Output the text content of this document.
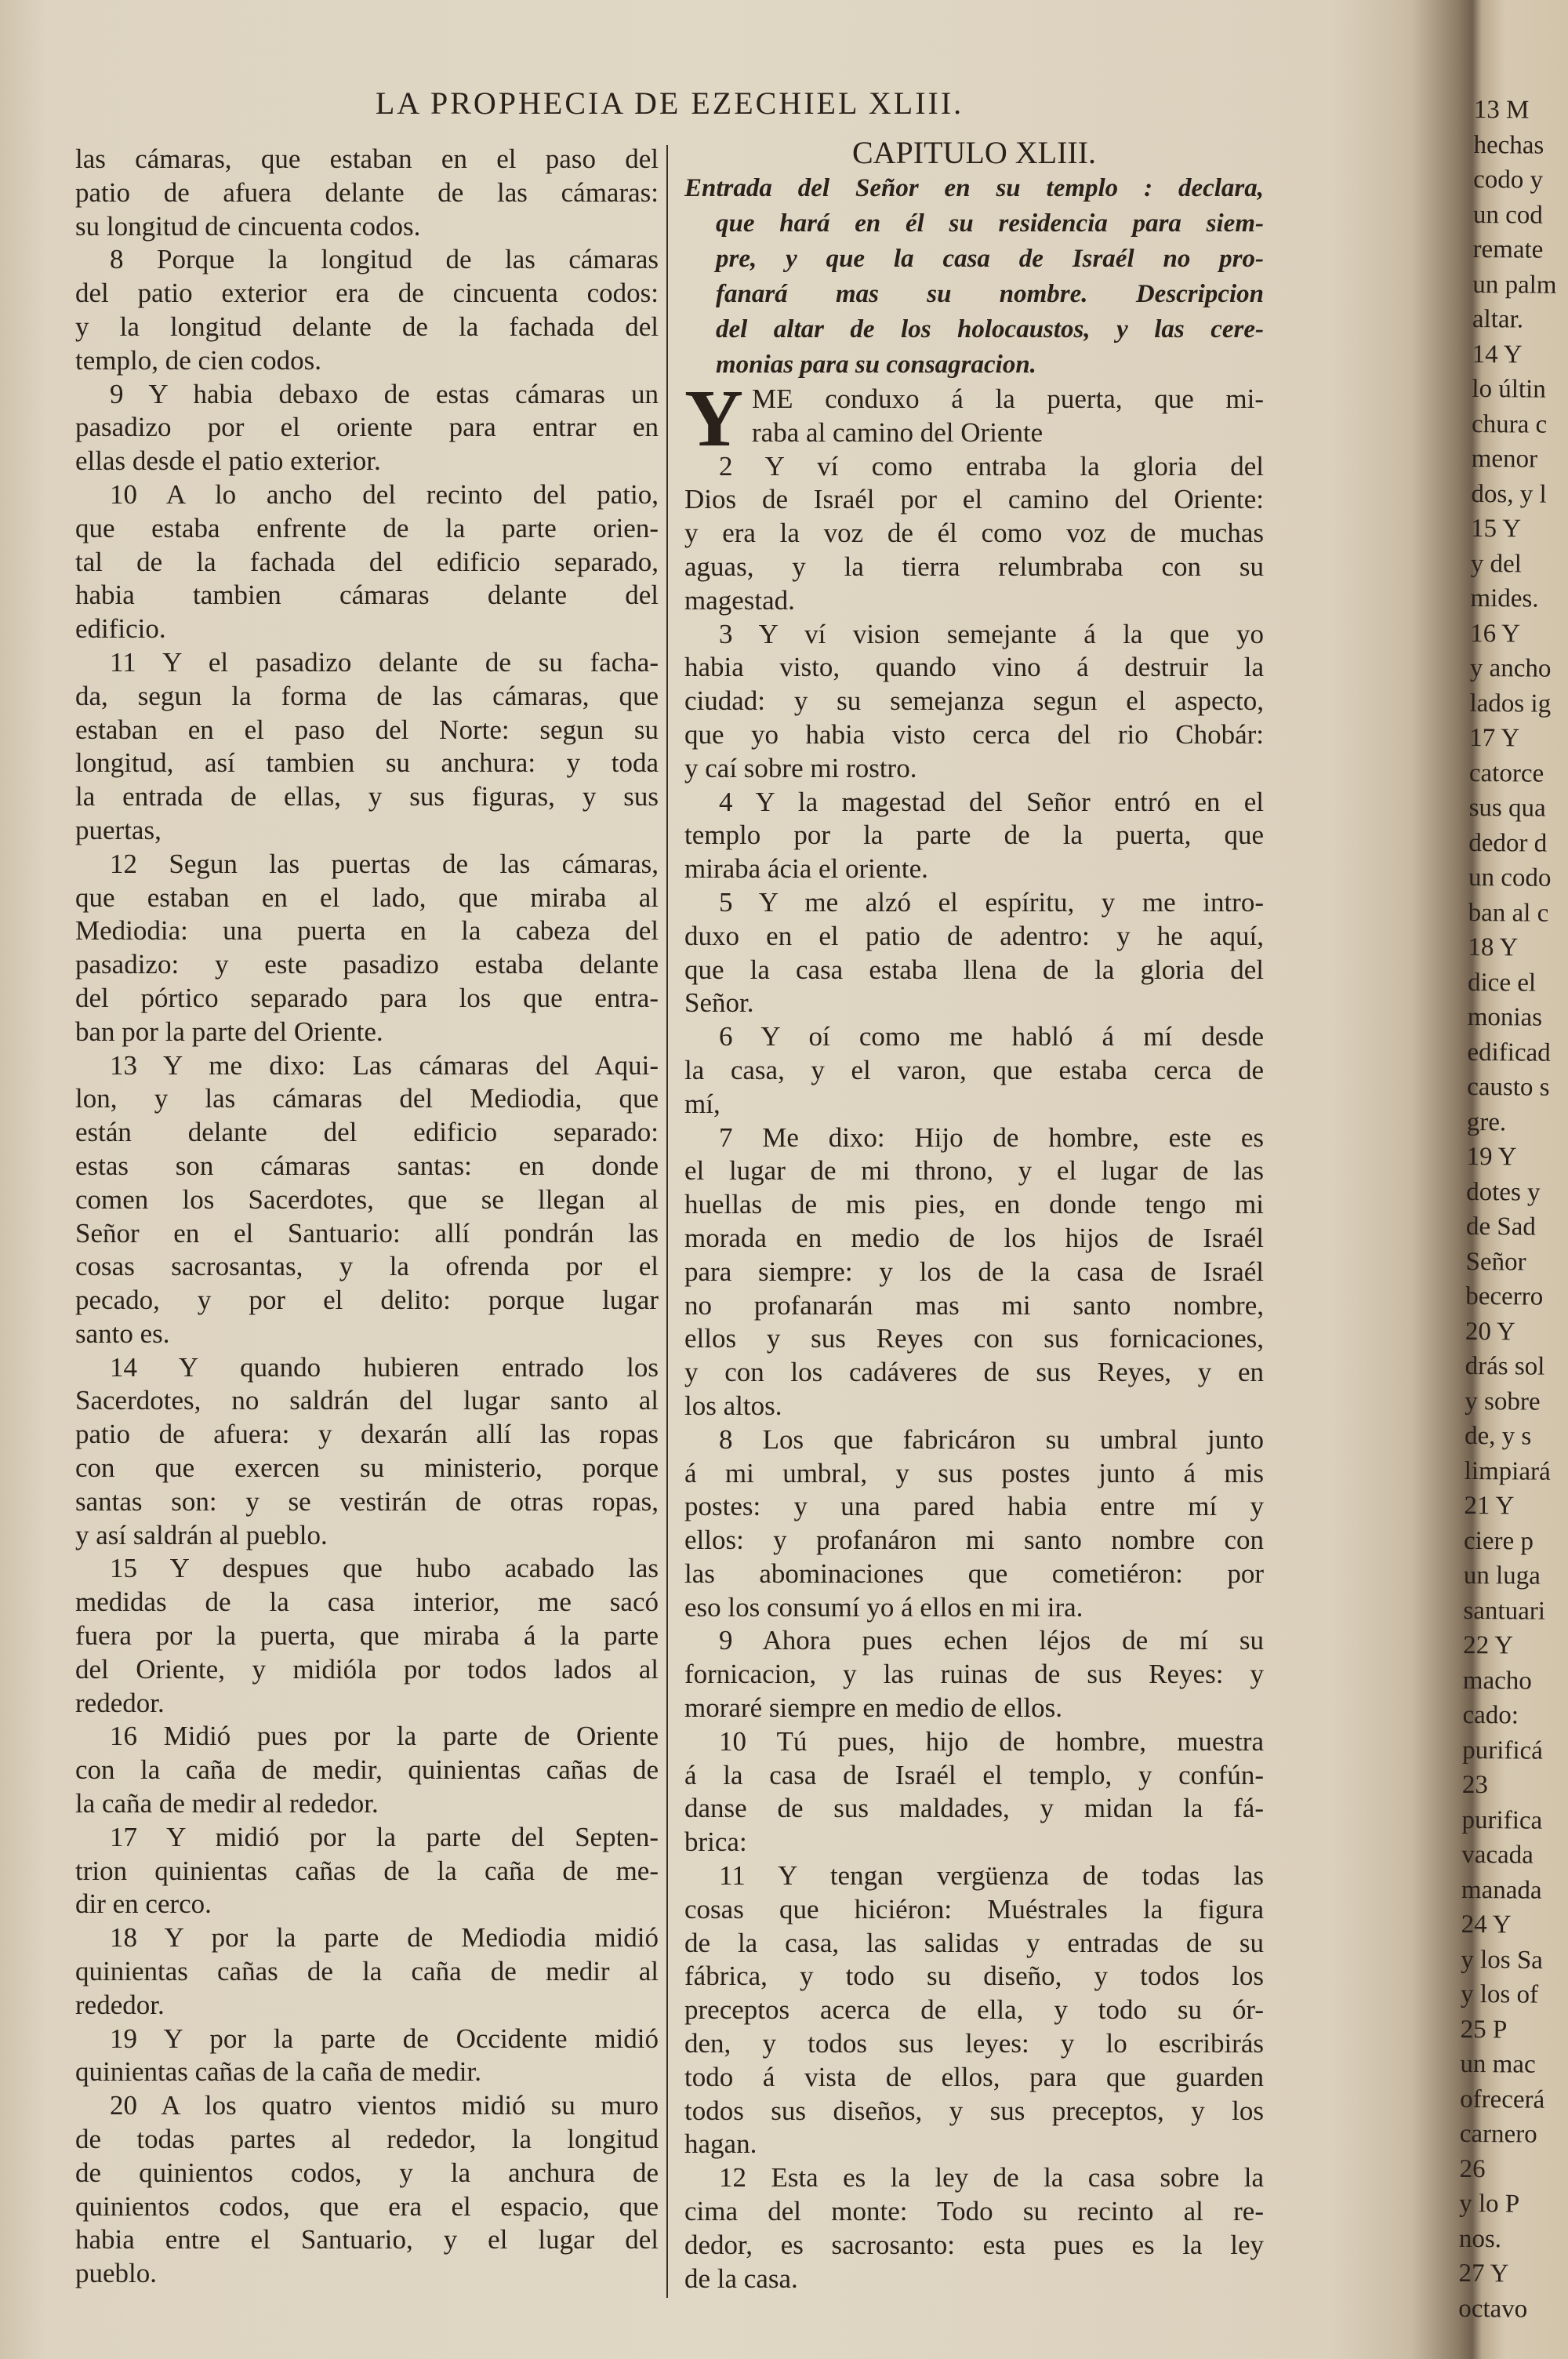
LA PROPHECIA DE EZECHIEL XLIII.
las cámaras, que estaban en el paso del
patio de afuera delante de las cámaras:
su longitud de cincuenta codos.
8 Porque la longitud de las cámaras
del patio exterior era de cincuenta codos:
y la longitud delante de la fachada del
templo, de cien codos.
9 Y habia debaxo de estas cámaras un
pasadizo por el oriente para entrar en
ellas desde el patio exterior.
10 A lo ancho del recinto del patio,
que estaba enfrente de la parte orien-
tal de la fachada del edificio separado,
habia tambien cámaras delante del
edificio.
11 Y el pasadizo delante de su facha-
da, segun la forma de las cámaras, que
estaban en el paso del Norte: segun su
longitud, así tambien su anchura: y toda
la entrada de ellas, y sus figuras, y sus
puertas,
12 Segun las puertas de las cámaras,
que estaban en el lado, que miraba al
Mediodia: una puerta en la cabeza del
pasadizo: y este pasadizo estaba delante
del pórtico separado para los que entra-
ban por la parte del Oriente.
13 Y me dixo: Las cámaras del Aqui-
lon, y las cámaras del Mediodia, que
están delante del edificio separado:
estas son cámaras santas: en donde
comen los Sacerdotes, que se llegan al
Señor en el Santuario: allí pondrán las
cosas sacrosantas, y la ofrenda por el
pecado, y por el delito: porque lugar
santo es.
14 Y quando hubieren entrado los
Sacerdotes, no saldrán del lugar santo al
patio de afuera: y dexarán allí las ropas
con que exercen su ministerio, porque
santas son: y se vestirán de otras ropas,
y así saldrán al pueblo.
15 Y despues que hubo acabado las
medidas de la casa interior, me sacó
fuera por la puerta, que miraba á la parte
del Oriente, y midióla por todos lados al
rededor.
16 Midió pues por la parte de Oriente
con la caña de medir, quinientas cañas de
la caña de medir al rededor.
17 Y midió por la parte del Septen-
trion quinientas cañas de la caña de me-
dir en cerco.
18 Y por la parte de Mediodia midió
quinientas cañas de la caña de medir al
rededor.
19 Y por la parte de Occidente midió
quinientas cañas de la caña de medir.
20 A los quatro vientos midió su muro
de todas partes al rededor, la longitud
de quinientos codos, y la anchura de
quinientos codos, que era el espacio, que
habia entre el Santuario, y el lugar del
pueblo.
CAPITULO XLIII.
Entrada del Señor en su templo : declara,
que hará en él su residencia para siem-
pre, y que la casa de Israél no pro-
fanará mas su nombre. Descripcion
del altar de los holocaustos, y las cere-
monias para su consagracion.
Y ME conduxo á la puerta, que mi-
raba al camino del Oriente
2 Y ví como entraba la gloria del
Dios de Israél por el camino del Oriente:
y era la voz de él como voz de muchas
aguas, y la tierra relumbraba con su
magestad.
3 Y ví vision semejante á la que yo
habia visto, quando vino á destruir la
ciudad: y su semejanza segun el aspecto,
que yo habia visto cerca del rio Chobár:
y caí sobre mi rostro.
4 Y la magestad del Señor entró en el
templo por la parte de la puerta, que
miraba ácia el oriente.
5 Y me alzó el espíritu, y me intro-
duxo en el patio de adentro: y he aquí,
que la casa estaba llena de la gloria del
Señor.
6 Y oí como me habló á mí desde
la casa, y el varon, que estaba cerca de
mí,
7 Me dixo: Hijo de hombre, este es
el lugar de mi throno, y el lugar de las
huellas de mis pies, en donde tengo mi
morada en medio de los hijos de Israél
para siempre: y los de la casa de Israél
no profanarán mas mi santo nombre,
ellos y sus Reyes con sus fornicaciones,
y con los cadáveres de sus Reyes, y en
los altos.
8 Los que fabricáron su umbral junto
á mi umbral, y sus postes junto á mis
postes: y una pared habia entre mí y
ellos: y profanáron mi santo nombre con
las abominaciones que cometiéron: por
eso los consumí yo á ellos en mi ira.
9 Ahora pues echen léjos de mí su
fornicacion, y las ruinas de sus Reyes: y
moraré siempre en medio de ellos.
10 Tú pues, hijo de hombre, muestra
á la casa de Israél el templo, y confún-
danse de sus maldades, y midan la fá-
brica:
11 Y tengan vergüenza de todas las
cosas que hiciéron: Muéstrales la figura
de la casa, las salidas y entradas de su
fábrica, y todo su diseño, y todos los
preceptos acerca de ella, y todo su ór-
den, y todos sus leyes: y lo escribirás
todo á vista de ellos, para que guarden
todos sus diseños, y sus preceptos, y los
hagan.
12 Esta es la ley de la casa sobre la
cima del monte: Todo su recinto al re-
dedor, es sacrosanto: esta pues es la ley
de la casa.
13 M
hechas
codo y
un cod
remate
un palm
altar.
14 Y
lo últin
chura c
menor
dos, y l
15 Y
y del
mides.
16 Y
y ancho
lados ig
17 Y
catorce
sus qua
dedor d
un codo
ban al c
18 Y
dice el
monias
edificad
causto s
gre.
19 Y
dotes y
de Sad
Señor
becerro
20 Y
drás sol
y sobre
de, y s
limpiará
21 Y
ciere p
un luga
santuari
22 Y
macho
cado:
purificá
23
purifica
vacada
manada
24 Y
y los Sa
y los of
25 P
un mac
ofrecerá
carnero
26
y lo P
nos.
27 Y
octavo
